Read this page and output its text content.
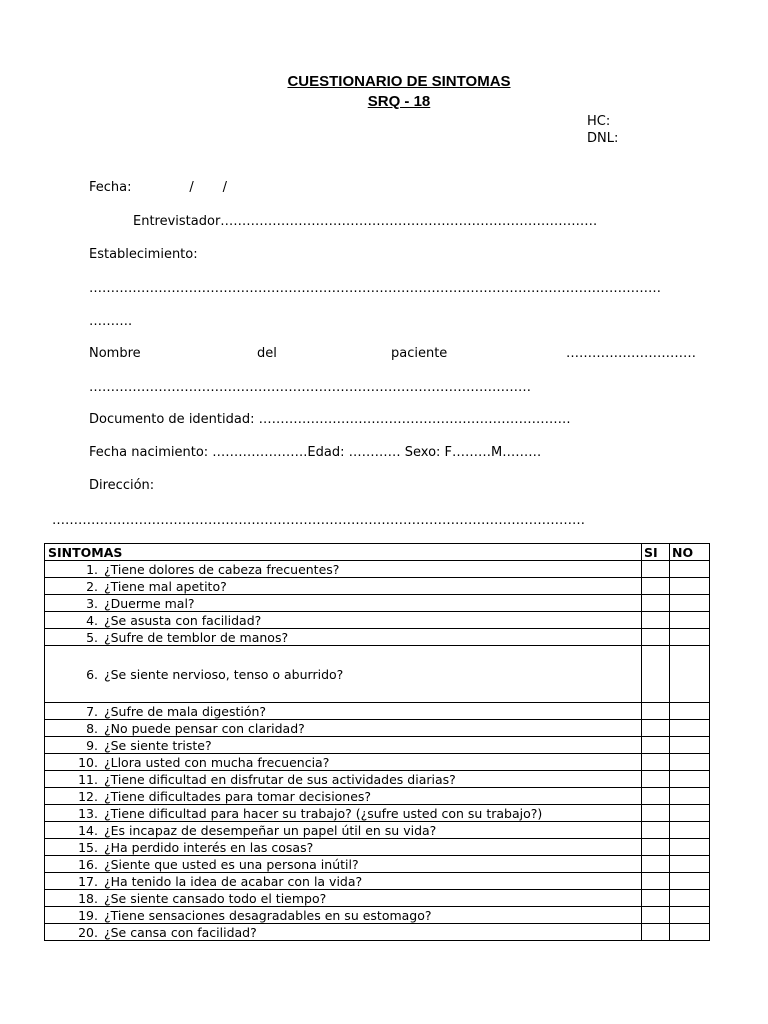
CUESTIONARIO DE SINTOMAS
SRQ - 18
HC:
DNL:
Fecha:              /       /
Entrevistador……………………………………………………………………………
Establecimiento:
……………………………………………………………………………………………………………………
……….
Nombre	del	paciente	…………………………
…………………………………………………………………………………………
Documento de identidad: ………………………………………………………………
Fecha nacimiento: ………………….Edad: ………… Sexo: F………M………
Dirección:
……………………………………………………………………………………………………………
SINTOMAS	SI	NO
1. ¿Tiene dolores de cabeza frecuentes?		
2. ¿Tiene mal apetito?		
3. ¿Duerme mal?		
4. ¿Se asusta con facilidad?		
5. ¿Sufre de temblor de manos?		
6. ¿Se siente nervioso, tenso o aburrido?		
7. ¿Sufre de mala digestión?		
8. ¿No puede pensar con claridad?		
9. ¿Se siente triste?		
10. ¿Llora usted con mucha frecuencia?		
11. ¿Tiene dificultad en disfrutar de sus actividades diarias?		
12. ¿Tiene dificultades para tomar decisiones?		
13. ¿Tiene dificultad para hacer su trabajo? (¿sufre usted con su trabajo?)		
14. ¿Es incapaz de desempeñar un papel útil en su vida?		
15. ¿Ha perdido interés en las cosas?		
16. ¿Siente que usted es una persona inútil?		
17. ¿Ha tenido la idea de acabar con la vida?		
18. ¿Se siente cansado todo el tiempo?		
19. ¿Tiene sensaciones desagradables en su estomago?		
20. ¿Se cansa con facilidad?		
